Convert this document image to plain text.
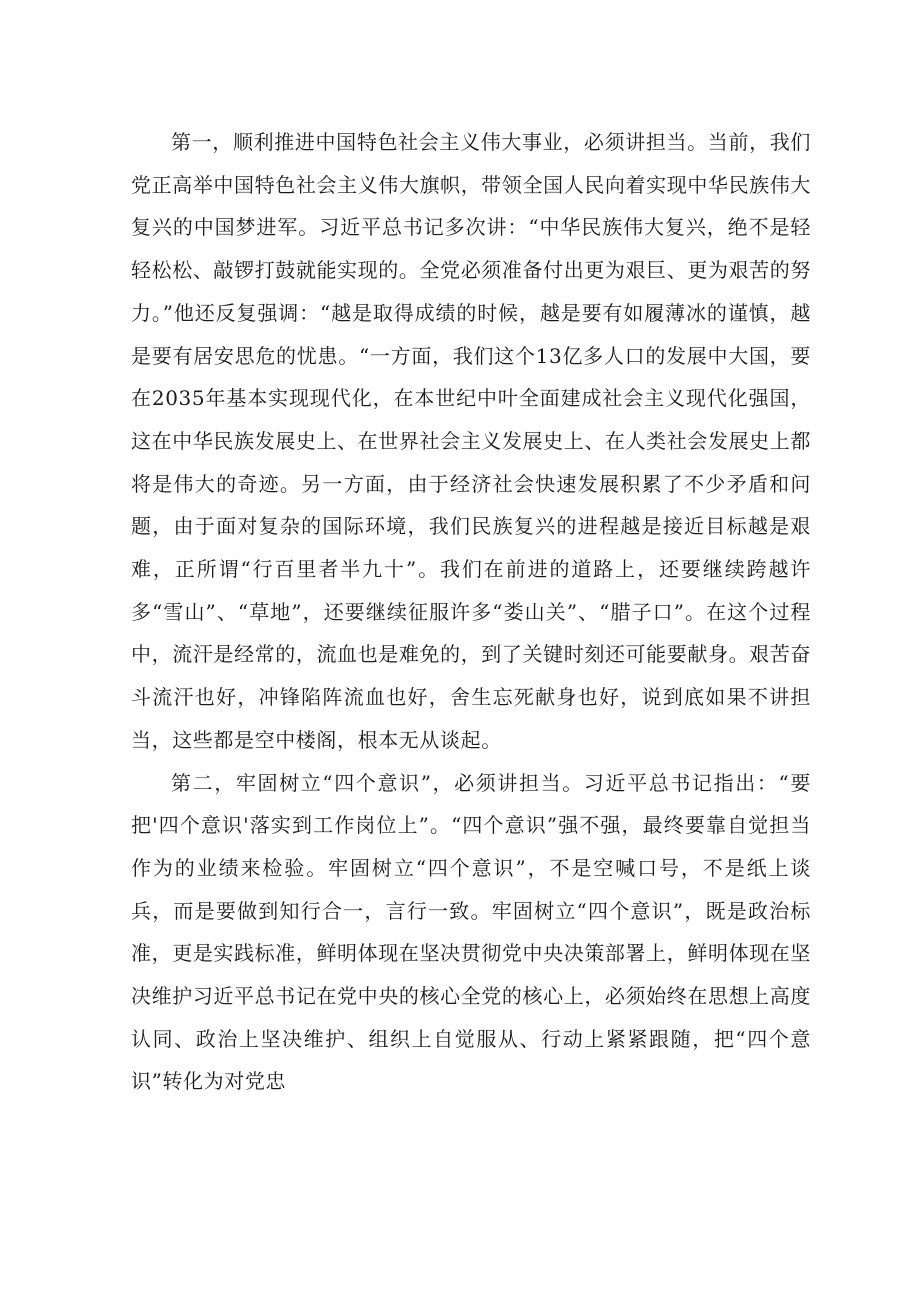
第一，顺利推进中国特色社会主义伟大事业，必须讲担当。当前，我们党正高举中国特色社会主义伟大旗帜，带领全国人民向着实现中华民族伟大复兴的中国梦进军。习近平总书记多次讲：“中华民族伟大复兴，绝不是轻轻松松、敲锣打鼓就能实现的。全党必须准备付出更为艰巨、更为艰苦的努力。”他还反复强调：“越是取得成绩的时候，越是要有如履薄冰的谨慎，越是要有居安思危的忧患。“一方面，我们这个13亿多人口的发展中大国，要在2035年基本实现现代化，在本世纪中叶全面建成社会主义现代化强国，这在中华民族发展史上、在世界社会主义发展史上、在人类社会发展史上都将是伟大的奇迹。另一方面，由于经济社会快速发展积累了不少矛盾和问题，由于面对复杂的国际环境，我们民族复兴的进程越是接近目标越是艰难，正所谓“行百里者半九十”。我们在前进的道路上，还要继续跨越许多“雪山”、“草地”，还要继续征服许多“娄山关”、“腊子口”。在这个过程中，流汗是经常的，流血也是难免的，到了关键时刻还可能要献身。艰苦奋斗流汗也好，冲锋陷阵流血也好，舍生忘死献身也好，说到底如果不讲担当，这些都是空中楼阁，根本无从谈起。

第二，牢固树立“四个意识”，必须讲担当。习近平总书记指出：“要把'四个意识'落实到工作岗位上”。“四个意识”强不强，最终要靠自觉担当作为的业绩来检验。牢固树立“四个意识”，不是空喊口号，不是纸上谈兵，而是要做到知行合一，言行一致。牢固树立“四个意识”，既是政治标准，更是实践标准，鲜明体现在坚决贯彻党中央决策部署上，鲜明体现在坚决维护习近平总书记在党中央的核心全党的核心上，必须始终在思想上高度认同、政治上坚决维护、组织上自觉服从、行动上紧紧跟随，把“四个意识”转化为对党忠
